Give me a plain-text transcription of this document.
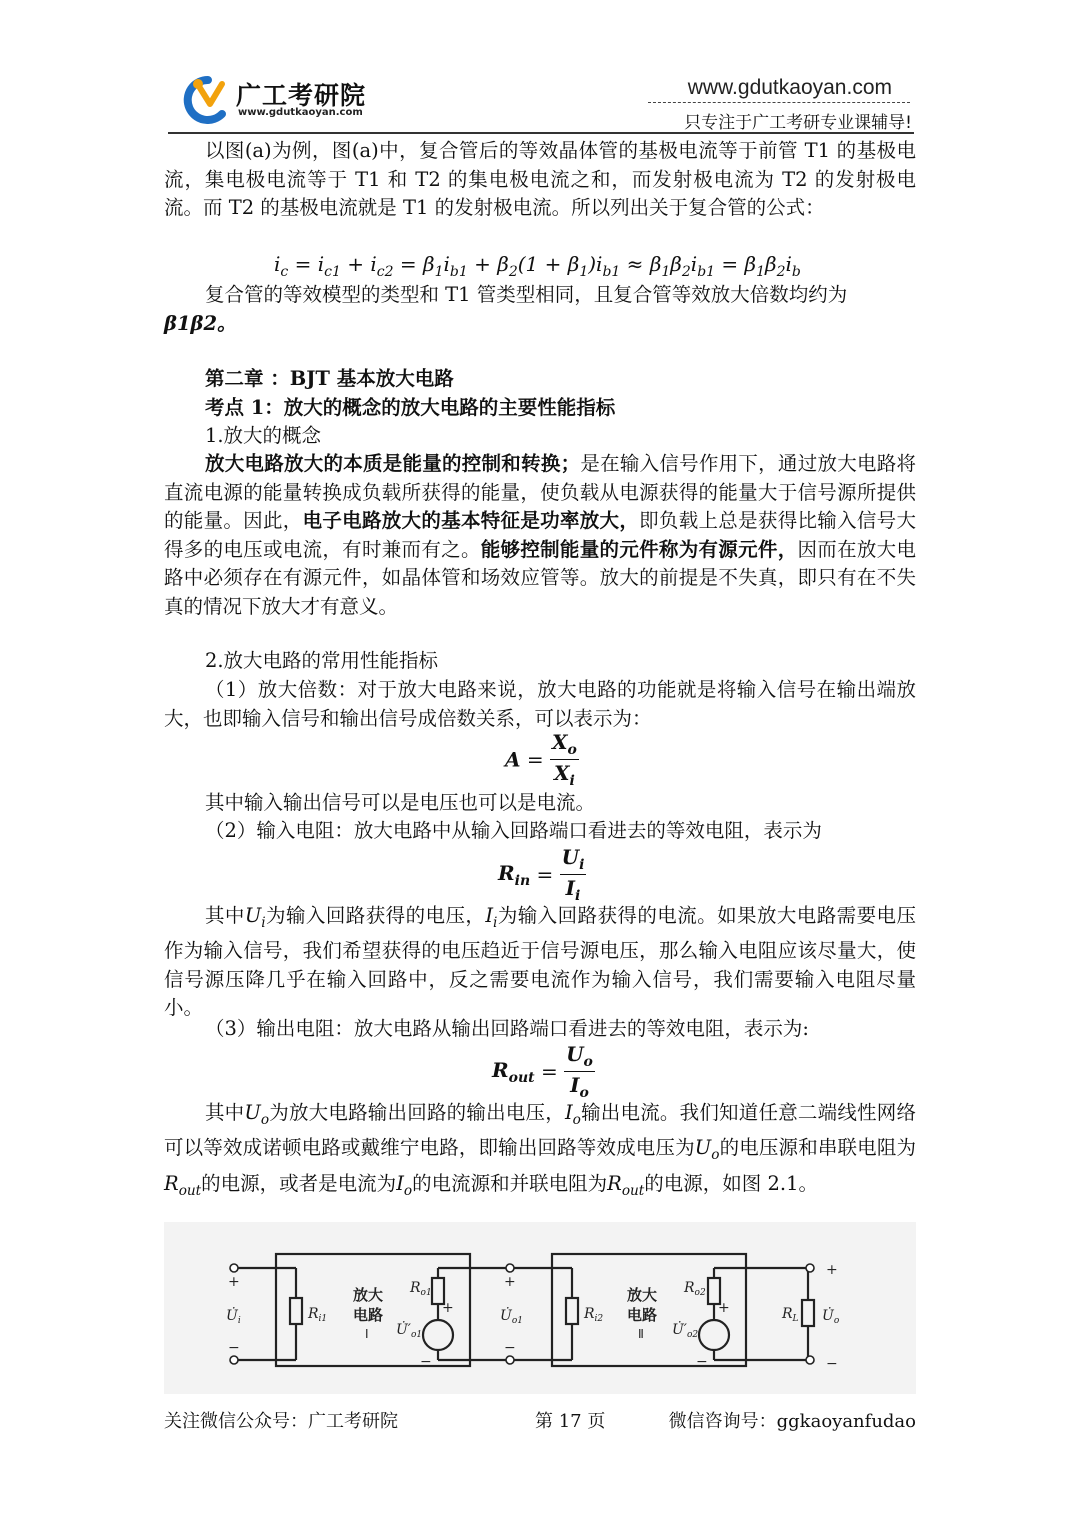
广工考研院
www.gdutkaoyan.com
www.gdutkaoyan.com
只专注于广工考研专业课辅导!
以图(a)为例，图(a)中，复合管后的等效晶体管的基极电流等于前管 T1 的基极电流，集电极电流等于 T1 和 T2 的集电极电流之和，而发射极电流为 T2 的发射极电流。而 T2 的基极电流就是 T1 的发射极电流。所以列出关于复合管的公式：
$i_c = i_{c1} + i_{c2} = \beta_1i_{b1} + \beta_2(1 + \beta_1)i_{b1} \approx \beta_1\beta_2i_{b1} = \beta_1\beta_2i_b$
复合管的等效模型的类型和 T1 管类型相同，且复合管等效放大倍数均约为
β1β2。
第二章 ：BJT 基本放大电路
考点 1：放大的概念的放大电路的主要性能指标
1.放大的概念
放大电路放大的本质是能量的控制和转换；是在输入信号作用下，通过放大电路将直流电源的能量转换成负载所获得的能量，使负载从电源获得的能量大于信号源所提供的能量。因此，电子电路放大的基本特征是功率放大，即负载上总是获得比输入信号大得多的电压或电流，有时兼而有之。能够控制能量的元件称为有源元件，因而在放大电路中必须存在有源元件，如晶体管和场效应管等。放大的前提是不失真，即只有在不失真的情况下放大才有意义。
2.放大电路的常用性能指标
（1）放大倍数：对于放大电路来说，放大电路的功能就是将输入信号在输出端放大，也即输入信号和输出信号成倍数关系，可以表示为：
$A = \frac{X_o}{X_i}$
其中输入输出信号可以是电压也可以是电流。
（2）输入电阻：放大电路中从输入回路端口看进去的等效电阻，表示为
$R_{in} = \frac{U_i}{I_i}$
其中$U_i$为输入回路获得的电压，$I_i$为输入回路获得的电流。如果放大电路需要电压作为输入信号，我们希望获得的电压趋近于信号源电压，那么输入电阻应该尽量大，使信号源压降几乎在输入回路中，反之需要电流作为输入信号，我们需要输入电阻尽量小。
（3）输出电阻：放大电路从输出回路端口看进去的等效电阻，表示为:
$R_{out} = \frac{U_o}{I_o}$
其中$U_o$为放大电路输出回路的输出电压，$I_o$输出电流。我们知道任意二端线性网络可以等效成诺顿电路或戴维宁电路，即输出回路等效成电压为$U_o$的电压源和串联电阻为$R_{out}$的电源，或者是电流为$I_o$的电流源和并联电阻为$R_{out}$的电源，如图 2.1。
+
−
+
−
+
−
+
−
+
−
$U̇_i$	$R_{i1}$
$R_{o1}$
$U̇'_{o1}$
$U̇_{o1}$	$R_{i2}$
$R_{o2}$
$U̇'_{o2}$
$R_L$ $U̇_o$
放大
电路
Ⅰ
放大
电路
Ⅱ
关注微信公众号：广工考研院	第 17 页	微信咨询号：ggkaoyanfudao
